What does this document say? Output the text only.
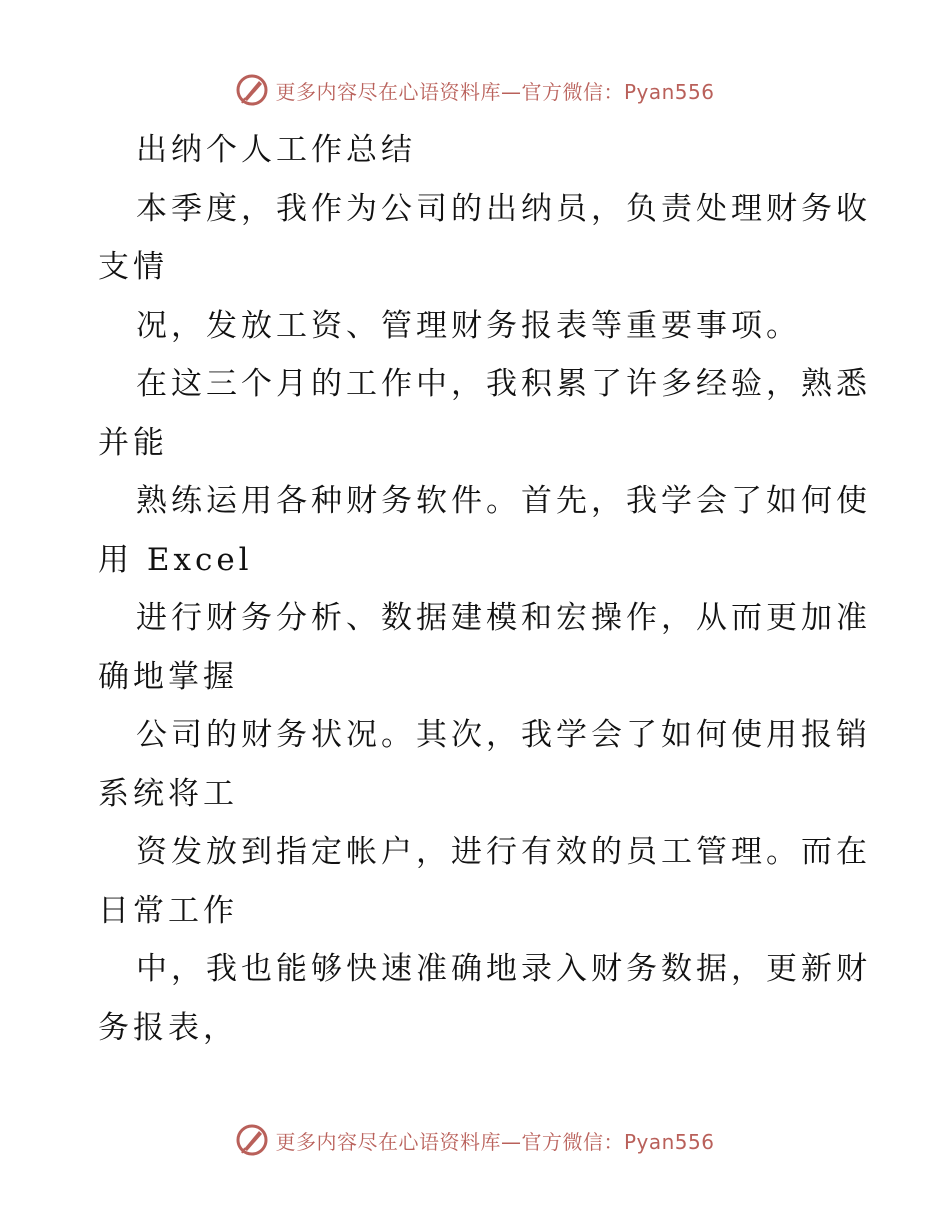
更多内容尽在心语资料库—官方微信：Pyan556
出纳个人工作总结
本季度，我作为公司的出纳员，负责处理财务收
支情
况，发放工资、管理财务报表等重要事项。
在这三个月的工作中，我积累了许多经验，熟悉
并能
熟练运用各种财务软件。首先，我学会了如何使
用 Excel
进行财务分析、数据建模和宏操作，从而更加准
确地掌握
公司的财务状况。其次，我学会了如何使用报销
系统将工
资发放到指定帐户，进行有效的员工管理。而在
日常工作
中，我也能够快速准确地录入财务数据，更新财
务报表，
更多内容尽在心语资料库—官方微信：Pyan556
